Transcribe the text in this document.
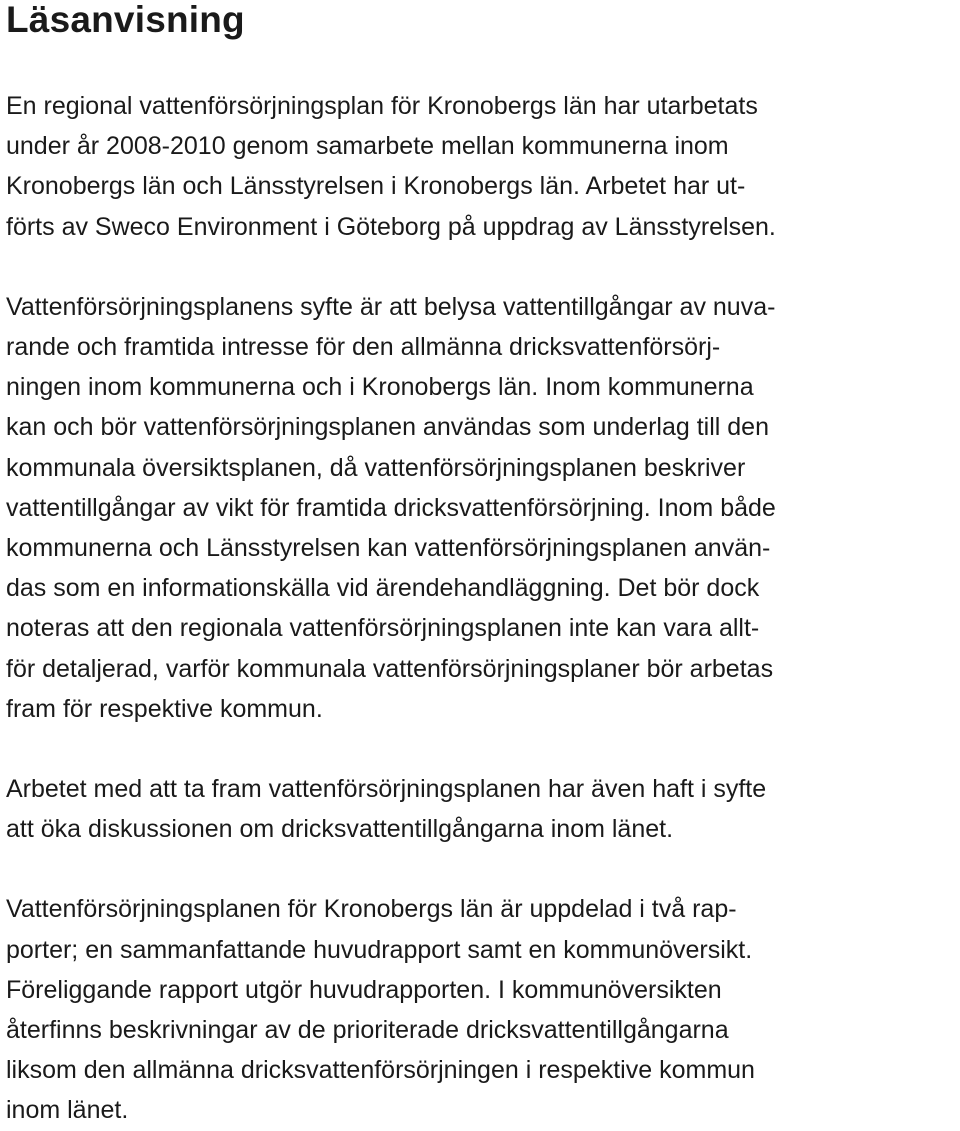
Läsanvisning

En regional vattenförsörjningsplan för Kronobergs län har utarbetats
under år 2008-2010 genom samarbete mellan kommunerna inom
Kronobergs län och Länsstyrelsen i Kronobergs län. Arbetet har ut-
förts av Sweco Environment i Göteborg på uppdrag av Länsstyrelsen.

Vattenförsörjningsplanens syfte är att belysa vattentillgångar av nuva-
rande och framtida intresse för den allmänna dricksvattenförsörj-
ningen inom kommunerna och i Kronobergs län. Inom kommunerna
kan och bör vattenförsörjningsplanen användas som underlag till den
kommunala översiktsplanen, då vattenförsörjningsplanen beskriver
vattentillgångar av vikt för framtida dricksvattenförsörjning. Inom både
kommunerna och Länsstyrelsen kan vattenförsörjningsplanen använ-
das som en informationskälla vid ärendehandläggning. Det bör dock
noteras att den regionala vattenförsörjningsplanen inte kan vara allt-
för detaljerad, varför kommunala vattenförsörjningsplaner bör arbetas
fram för respektive kommun.

Arbetet med att ta fram vattenförsörjningsplanen har även haft i syfte
att öka diskussionen om dricksvattentillgångarna inom länet.

Vattenförsörjningsplanen för Kronobergs län är uppdelad i två rap-
porter; en sammanfattande huvudrapport samt en kommunöversikt.
Föreliggande rapport utgör huvudrapporten. I kommunöversikten
återfinns beskrivningar av de prioriterade dricksvattentillgångarna
liksom den allmänna dricksvattenförsörjningen i respektive kommun
inom länet.
